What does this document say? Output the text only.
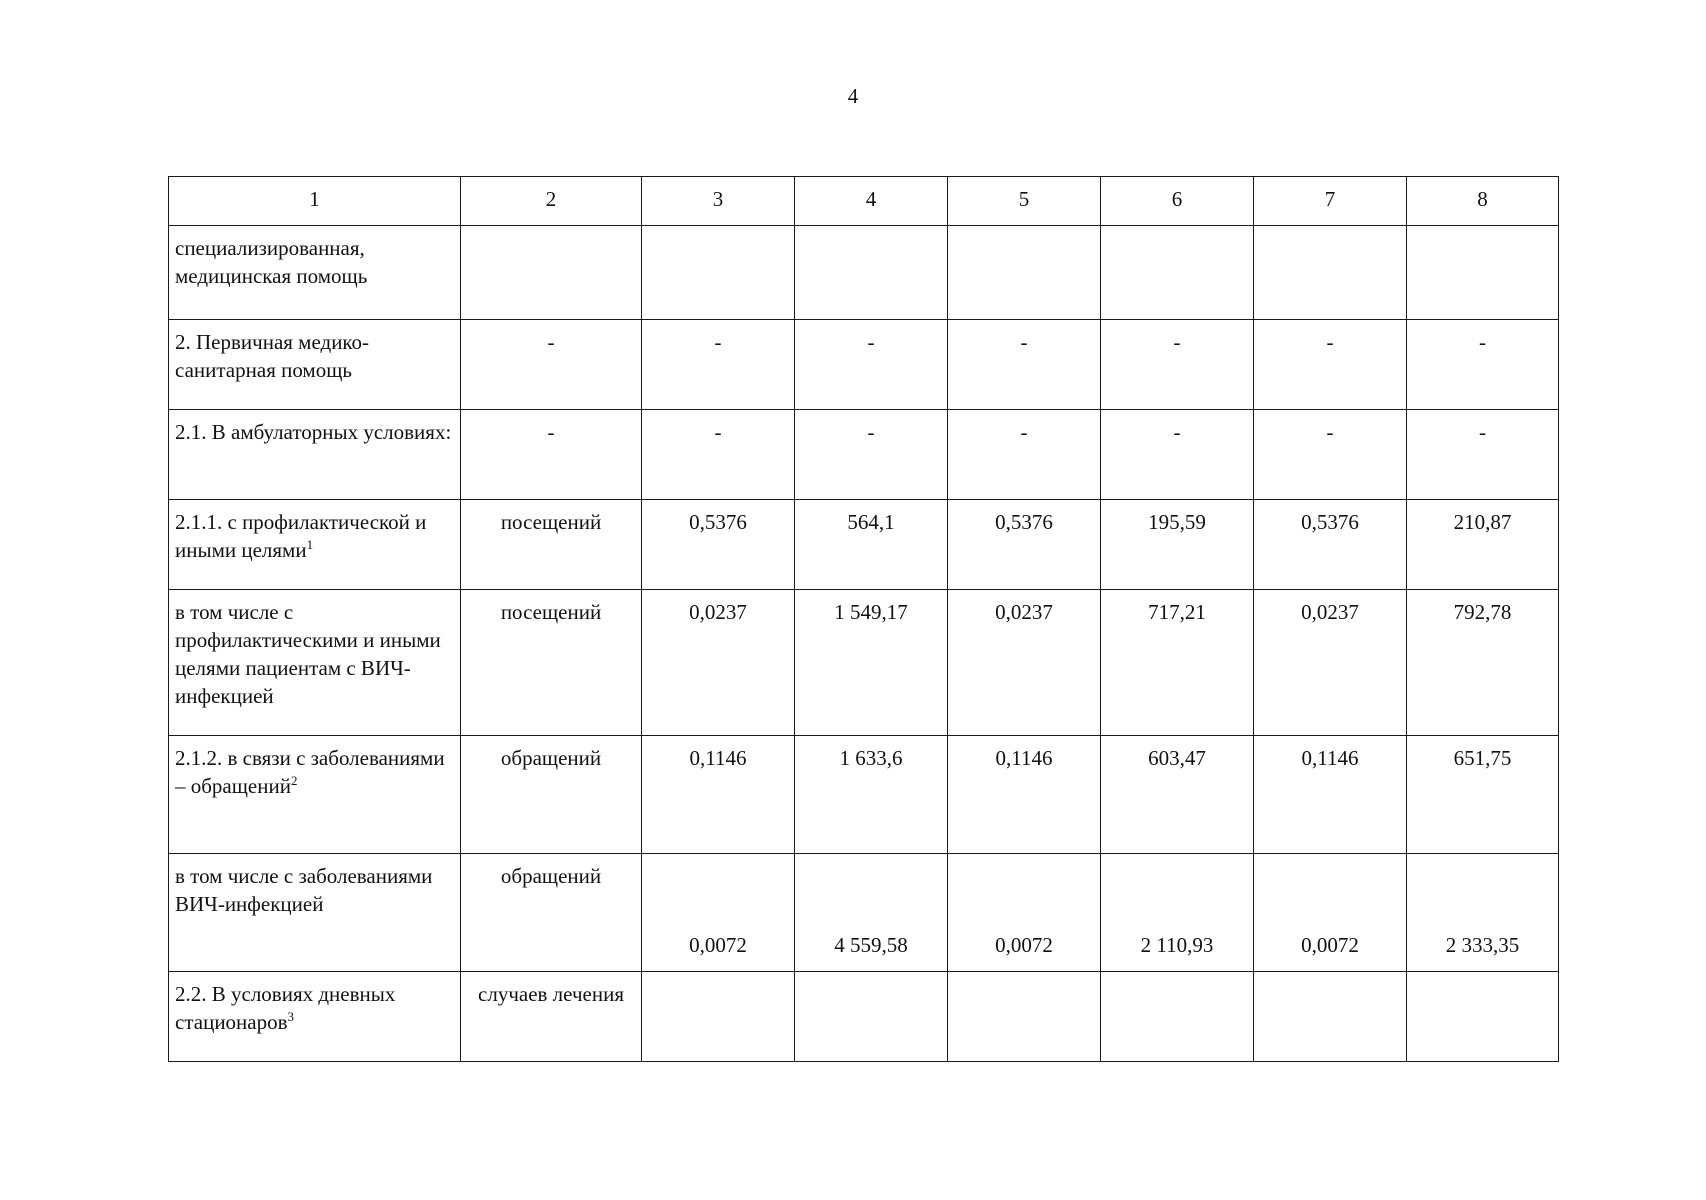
4
1	2	3	4	5	6	7	8
специализированная, медицинская помощь							
2. Первичная медико-санитарная помощь	-	-	-	-	-	-	-
2.1. В амбулаторных условиях:	-	-	-	-	-	-	-
2.1.1. с профилактической и иными целями$^1$	посещений	0,5376	564,1	0,5376	195,59	0,5376	210,87
в том числе с профилактическими и иными целями пациентам с ВИЧ-инфекцией	посещений	0,0237	1 549,17	0,0237	717,21	0,0237	792,78
2.1.2. в связи с заболеваниями – обращений$^2$	обращений	0,1146	1 633,6	0,1146	603,47	0,1146	651,75
в том числе с заболеваниями ВИЧ-инфекцией	обращений	0,0072	4 559,58	0,0072	2 110,93	0,0072	2 333,35
2.2. В условиях дневных стационаров$^3$	случаев лечения						
